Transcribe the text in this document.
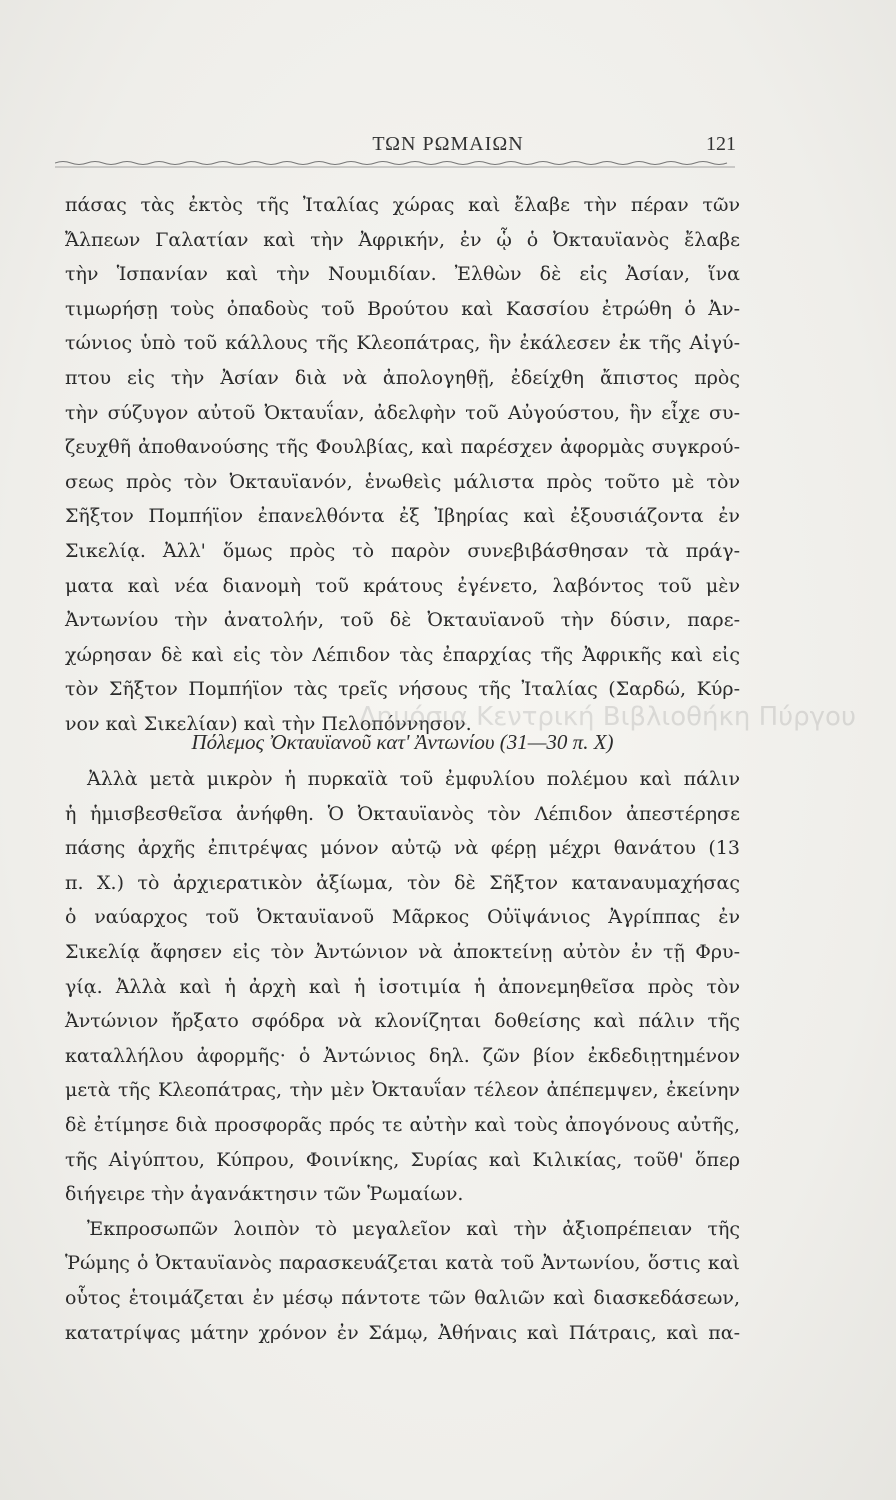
ΤΩΝ ΡΩΜΑΙΩΝ	121
πάσας τὰς ἐκτὸς τῆς Ἰταλίας χώρας καὶ ἔλαβε τὴν πέραν τῶν
Ἄλπεων Γαλατίαν καὶ τὴν Ἀφρικήν, ἐν ᾧ ὁ Ὀκταυϊανὸς ἔλαβε
τὴν Ἱσπανίαν καὶ τὴν Νουμιδίαν. Ἐλθὼν δὲ εἰς Ἀσίαν, ἵνα
τιμωρήσῃ τοὺς ὀπαδοὺς τοῦ Βρούτου καὶ Κασσίου ἐτρώθη ὁ Ἀν-
τώνιος ὑπὸ τοῦ κάλλους τῆς Κλεοπάτρας, ἣν ἐκάλεσεν ἐκ τῆς Αἰγύ-
πτου εἰς τὴν Ἀσίαν διὰ νὰ ἀπολογηθῇ, ἐδείχθη ἄπιστος πρὸς
τὴν σύζυγον αὐτοῦ Ὀκταυΐαν, ἀδελφὴν τοῦ Αὐγούστου, ἣν εἶχε συ-
ζευχθῆ ἀποθανούσης τῆς Φουλβίας, καὶ παρέσχεν ἀφορμὰς συγκρού-
σεως πρὸς τὸν Ὀκταυϊανόν, ἑνωθεὶς μάλιστα πρὸς τοῦτο μὲ τὸν
Σῆξτον Πομπήϊον ἐπανελθόντα ἐξ Ἰβηρίας καὶ ἐξουσιάζοντα ἐν
Σικελίᾳ. Ἀλλ' ὅμως πρὸς τὸ παρὸν συνεβιβάσθησαν τὰ πράγ-
ματα καὶ νέα διανομὴ τοῦ κράτους ἐγένετο, λαβόντος τοῦ μὲν
Ἀντωνίου τὴν ἀνατολήν, τοῦ δὲ Ὀκταυϊανοῦ τὴν δύσιν, παρε-
χώρησαν δὲ καὶ εἰς τὸν Λέπιδον τὰς ἐπαρχίας τῆς Ἀφρικῆς καὶ εἰς
τὸν Σῆξτον Πομπήϊον τὰς τρεῖς νήσους τῆς Ἰταλίας (Σαρδώ, Κύρ-
νον καὶ Σικελίαν) καὶ τὴν Πελοπόννησον.
Πόλεμος Ὀκταυϊανοῦ κατ' Ἀντωνίου (31—30 π. Χ)
Ἀλλὰ μετὰ μικρὸν ἡ πυρκαϊὰ τοῦ ἐμφυλίου πολέμου καὶ πάλιν
ἡ ἡμισβεσθεῖσα ἀνήφθη. Ὁ Ὀκταυϊανὸς τὸν Λέπιδον ἀπεστέρησε
πάσης ἀρχῆς ἐπιτρέψας μόνον αὐτῷ νὰ φέρῃ μέχρι θανάτου (13
π. Χ.) τὸ ἀρχιερατικὸν ἀξίωμα, τὸν δὲ Σῆξτον καταναυμαχήσας
ὁ ναύαρχος τοῦ Ὀκταυϊανοῦ Μᾶρκος Οὐϊψάνιος Ἀγρίππας ἐν
Σικελίᾳ ἄφησεν εἰς τὸν Ἀντώνιον νὰ ἀποκτείνῃ αὐτὸν ἐν τῇ Φρυ-
γίᾳ. Ἀλλὰ καὶ ἡ ἀρχὴ καὶ ἡ ἰσοτιμία ἡ ἀπονεμηθεῖσα πρὸς τὸν
Ἀντώνιον ἤρξατο σφόδρα νὰ κλονίζηται δοθείσης καὶ πάλιν τῆς
καταλλήλου ἀφορμῆς· ὁ Ἀντώνιος δηλ. ζῶν βίον ἐκδεδιῃτημένον
μετὰ τῆς Κλεοπάτρας, τὴν μὲν Ὀκταυΐαν τέλεον ἀπέπεμψεν, ἐκείνην
δὲ ἐτίμησε διὰ προσφορᾶς πρός τε αὐτὴν καὶ τοὺς ἀπογόνους αὐτῆς,
τῆς Αἰγύπτου, Κύπρου, Φοινίκης, Συρίας καὶ Κιλικίας, τοῦθ' ὅπερ
διήγειρε τὴν ἀγανάκτησιν τῶν Ῥωμαίων.
Ἐκπροσωπῶν λοιπὸν τὸ μεγαλεῖον καὶ τὴν ἀξιοπρέπειαν τῆς
Ῥώμης ὁ Ὀκταυϊανὸς παρασκευάζεται κατὰ τοῦ Ἀντωνίου, ὅστις καὶ
οὗτος ἑτοιμάζεται ἐν μέσῳ πάντοτε τῶν θαλιῶν καὶ διασκεδάσεων,
κατατρίψας μάτην χρόνον ἐν Σάμῳ, Ἀθήναις καὶ Πάτραις, καὶ πα-
Δημόσια Κεντρική Βιβλιοθήκη Πύργου
